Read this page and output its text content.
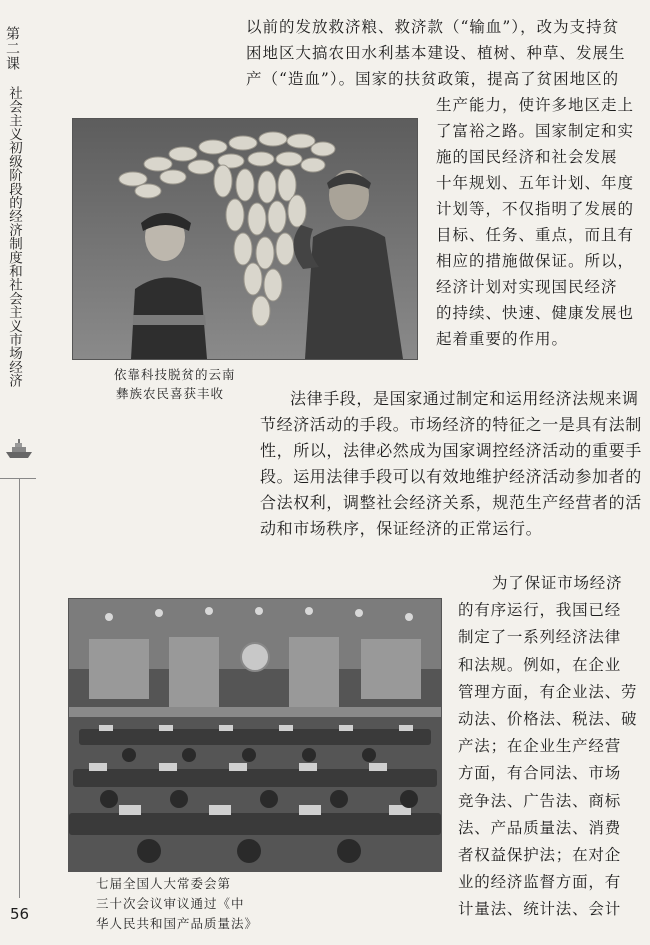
第二课
社会主义初级阶段的经济制度和社会主义市场经济
56
以前的发放救济粮、救济款（“输血”），改为支持贫
困地区大搞农田水利基本建设、植树、种草、发展生
产（“造血”）。国家的扶贫政策，提高了贫困地区的
生产能力，使许多地区走上
了富裕之路。国家制定和实
施的国民经济和社会发展
十年规划、五年计划、年度
计划等，不仅指明了发展的
目标、任务、重点，而且有
相应的措施做保证。所以，
经济计划对实现国民经济
的持续、快速、健康发展也
起着重要的作用。
依靠科技脱贫的云南
彝族农民喜获丰收	法律手段，是国家通过制定和运用经济法规来调
节经济活动的手段。市场经济的特征之一是具有法制
性，所以，法律必然成为国家调控经济活动的重要手
段。运用法律手段可以有效地维护经济活动参加者的
合法权利，调整社会经济关系，规范生产经营者的活
动和市场秩序，保证经济的正常运行。
七届全国人大常委会第
三十次会议审议通过《中
华人民共和国产品质量法》
为了保证市场经济
的有序运行，我国已经
制定了一系列经济法律
和法规。例如，在企业
管理方面，有企业法、劳
动法、价格法、税法、破
产法；在企业生产经营
方面，有合同法、市场
竞争法、广告法、商标
法、产品质量法、消费
者权益保护法；在对企
业的经济监督方面，有
计量法、统计法、会计
